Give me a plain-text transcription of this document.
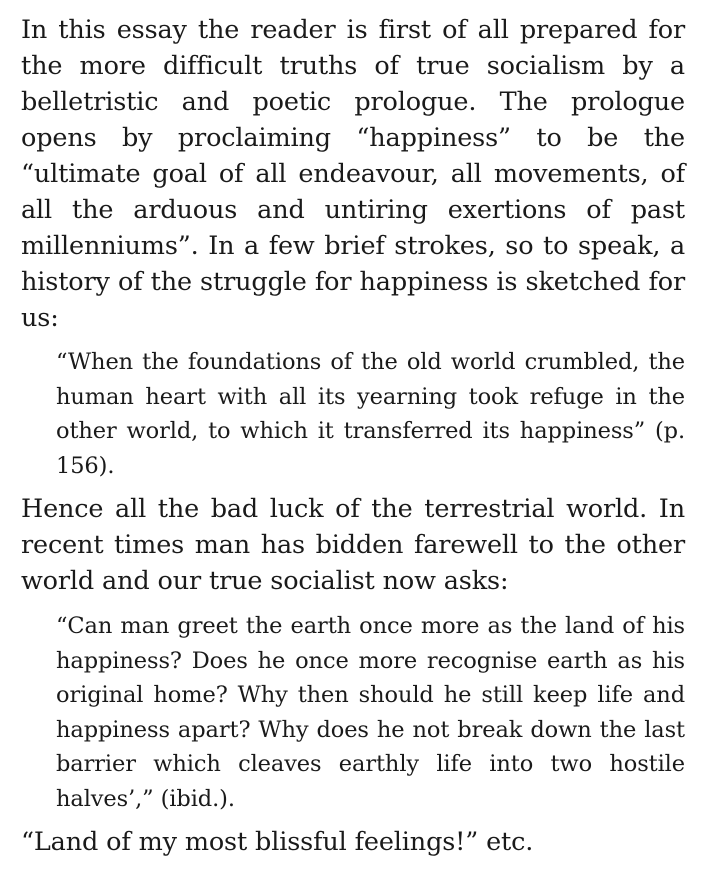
In this essay the reader is first of all prepared for the more difficult truths of true socialism by a belletristic and poetic prologue. The prologue opens by proclaiming “happiness” to be the “ultimate goal of all endeavour, all movements, of all the arduous and untiring exertions of past millenniums”. In a few brief strokes, so to speak, a history of the struggle for happiness is sketched for us:

“When the foundations of the old world crumbled, the human heart with all its yearning took refuge in the other world, to which it transferred its happiness” (p. 156).

Hence all the bad luck of the terrestrial world. In recent times man has bidden farewell to the other world and our true socialist now asks:

“Can man greet the earth once more as the land of his happiness? Does he once more recognise earth as his original home? Why then should he still keep life and happiness apart? Why does he not break down the last barrier which cleaves earthly life into two hostile halves’,” (ibid.).

“Land of my most blissful feelings!” etc.
